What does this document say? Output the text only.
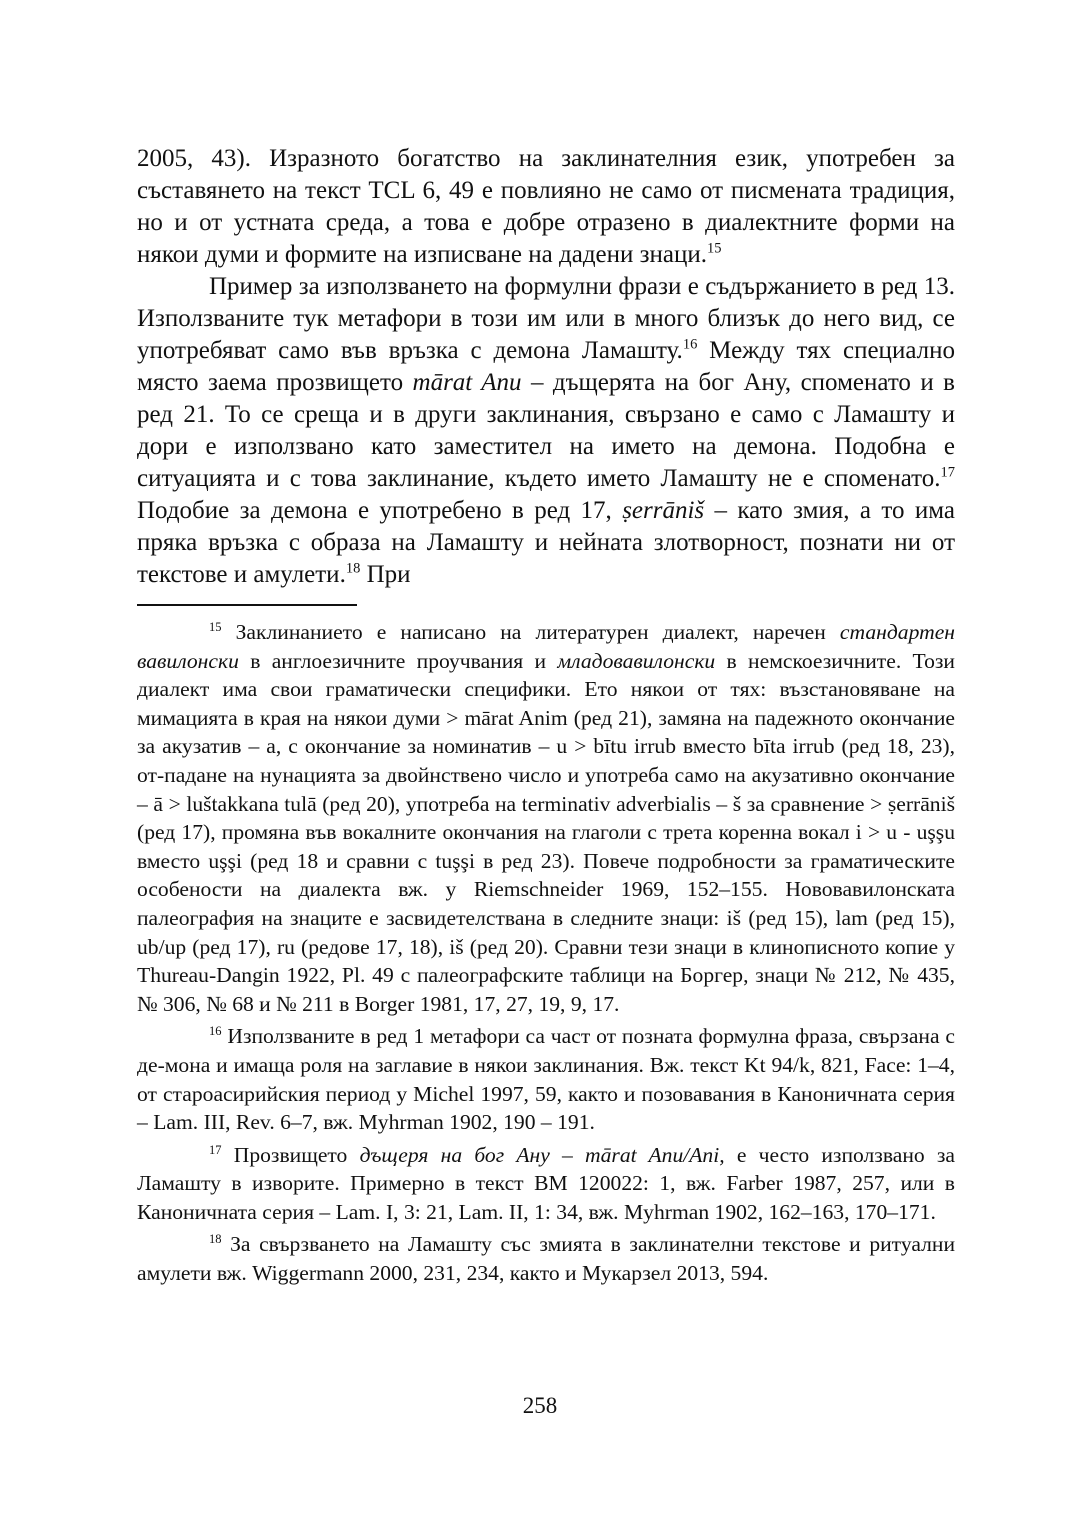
2005, 43). Изразното богатство на заклинателния език, употребен за съставянето на текст TCL 6, 49 е повлияно не само от писмената традиция, но и от устната среда, а това е добре отразено в диалектните форми на някои думи и формите на изписване на дадени знаци.$^{15}$

Пример за използването на формулни фрази е съдържанието в ред 13. Използваните тук метафори в този им или в много близък до него вид, се употребяват само във връзка с демона Ламашту.$^{16}$ Между тях специално място заема прозвището mārat Anu – дъщерята на бог Ану, споменато и в ред 21. То се среща и в други заклинания, свързано е само с Ламашту и дори е използвано като заместител на името на демона. Подобна е ситуацията и с това заклинание, където името Ламашту не е споменато.$^{17}$ Подобие за демона е употребено в ред 17, ṣerrāniš – като змия, а то има пряка връзка с образа на Ламашту и нейната злотворност, познати ни от текстове и амулети.$^{18}$ При

$^{15}$ Заклинанието е написано на литературен диалект, наречен стандартен вавилонски в англоезичните проучвания и младовавилонски в немскоезичните. Този диалект има свои граматически специфики. Ето някои от тях: възстановяване на мимацията в края на някои думи > mārat Anim (ред 21), замяна на падежното окончание за акузатив – a, с окончание за номинатив – u > bītu irrub вместо bīta irrub (ред 18, 23), от-падане на нунацията за двойнствено число и употреба само на акузативно окончание – ā > luštakkana tulā (ред 20), употреба на terminativ adverbialis – š за сравнение > ṣerrāniš (ред 17), промяна във вокалните окончания на глаголи с трета коренна вокал i > u - uşşu вместо uşşi (ред 18 и сравни с tuşşi в ред 23). Повече подробности за граматическите особености на диалекта вж. у Riemschneider 1969, 152–155. Нововавилонската палеография на знаците е засвидетелствана в следните знаци: iš (ред 15), lam (ред 15), ub/up (ред 17), ru (редове 17, 18), iš (ред 20). Сравни тези знаци в клинописното копие у Thureau-Dangin 1922, Pl. 49 с палеографските таблици на Боргер, знаци № 212, № 435, № 306, № 68 и № 211 в Borger 1981, 17, 27, 19, 9, 17.

$^{16}$ Използваните в ред 1 метафори са част от позната формулна фраза, свързана с де-мона и имаща роля на заглавие в някои заклинания. Вж. текст Kt 94/k, 821, Face: 1–4, от староасирийския период у Michel 1997, 59, както и позовавания в Каноничната серия – Lam. III, Rev. 6–7, вж. Myhrman 1902, 190 – 191.

$^{17}$ Прозвището дъщеря на бог Ану – mārat Anu/Ani, е често използвано за Ламашту в изворите. Примерно в текст BM 120022: 1, вж. Farber 1987, 257, или в Каноничната серия – Lam. I, 3: 21, Lam. II, 1: 34, вж. Myhrman 1902, 162–163, 170–171.

$^{18}$ За свързването на Ламашту със змията в заклинателни текстове и ритуални амулети вж. Wiggermann 2000, 231, 234, както и Мукарзел 2013, 594.

258
